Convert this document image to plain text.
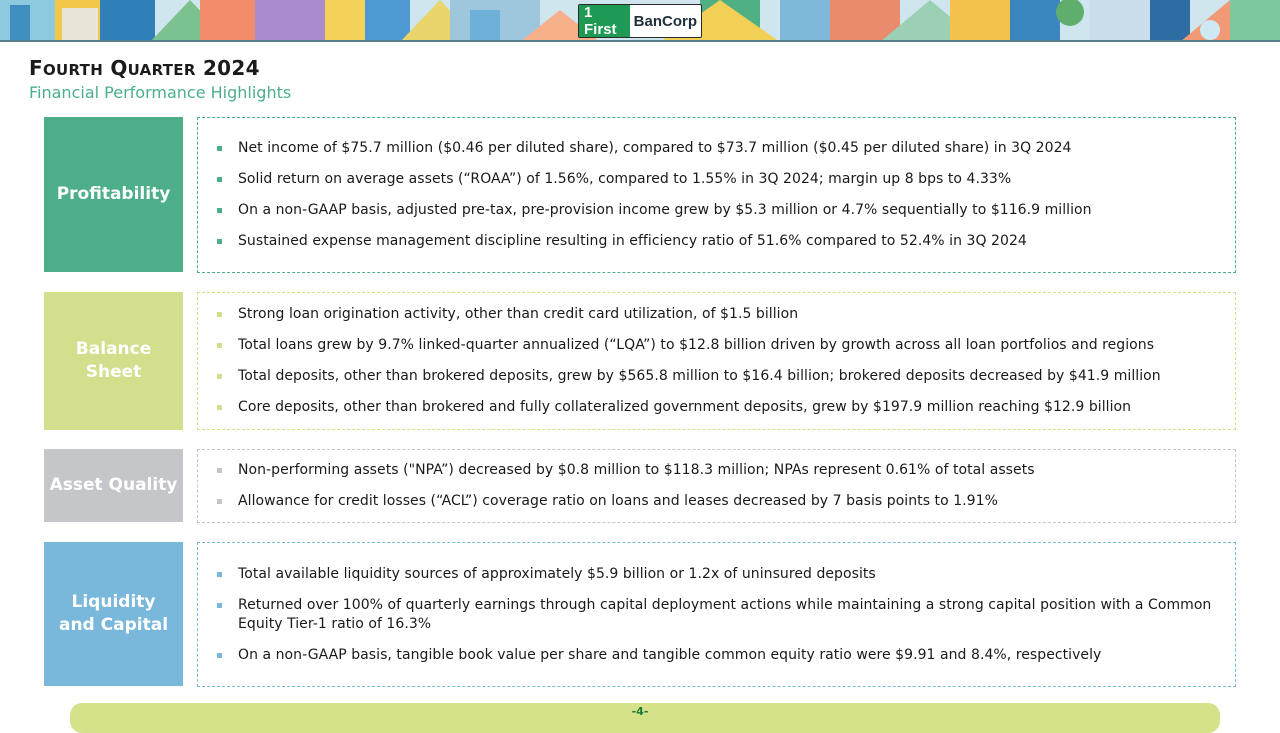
1 First	BanCorp
FOURTH QUARTER 2024
Financial Performance Highlights
Profitability
Net income of $75.7 million ($0.46 per diluted share), compared to $73.7 million ($0.45 per diluted share) in 3Q 2024
Solid return on average assets (“ROAA”) of 1.56%, compared to 1.55% in 3Q 2024; margin up 8 bps to 4.33%
On a non-GAAP basis, adjusted pre-tax, pre-provision income grew by $5.3 million or 4.7% sequentially to $116.9 million
Sustained expense management discipline resulting in efficiency ratio of 51.6% compared to 52.4% in 3Q 2024
Balance Sheet
Strong loan origination activity, other than credit card utilization, of $1.5 billion
Total loans grew by 9.7% linked-quarter annualized (“LQA”) to $12.8 billion driven by growth across all loan portfolios and regions
Total deposits, other than brokered deposits, grew by $565.8 million to $16.4 billion; brokered deposits decreased by $41.9 million
Core deposits, other than brokered and fully collateralized government deposits, grew by $197.9 million reaching $12.9 billion
Asset Quality
Non-performing assets ("NPA”) decreased by $0.8 million to $118.3 million; NPAs represent 0.61% of total assets
Allowance for credit losses (“ACL”) coverage ratio on loans and leases decreased by 7 basis points to 1.91%
Liquidity and Capital
Total available liquidity sources of approximately $5.9 billion or 1.2x of uninsured deposits
Returned over 100% of quarterly earnings through capital deployment actions while maintaining a strong capital position with a Common Equity Tier-1 ratio of 16.3%
On a non-GAAP basis, tangible book value per share and tangible common equity ratio were $9.91 and 8.4%, respectively
-4-
